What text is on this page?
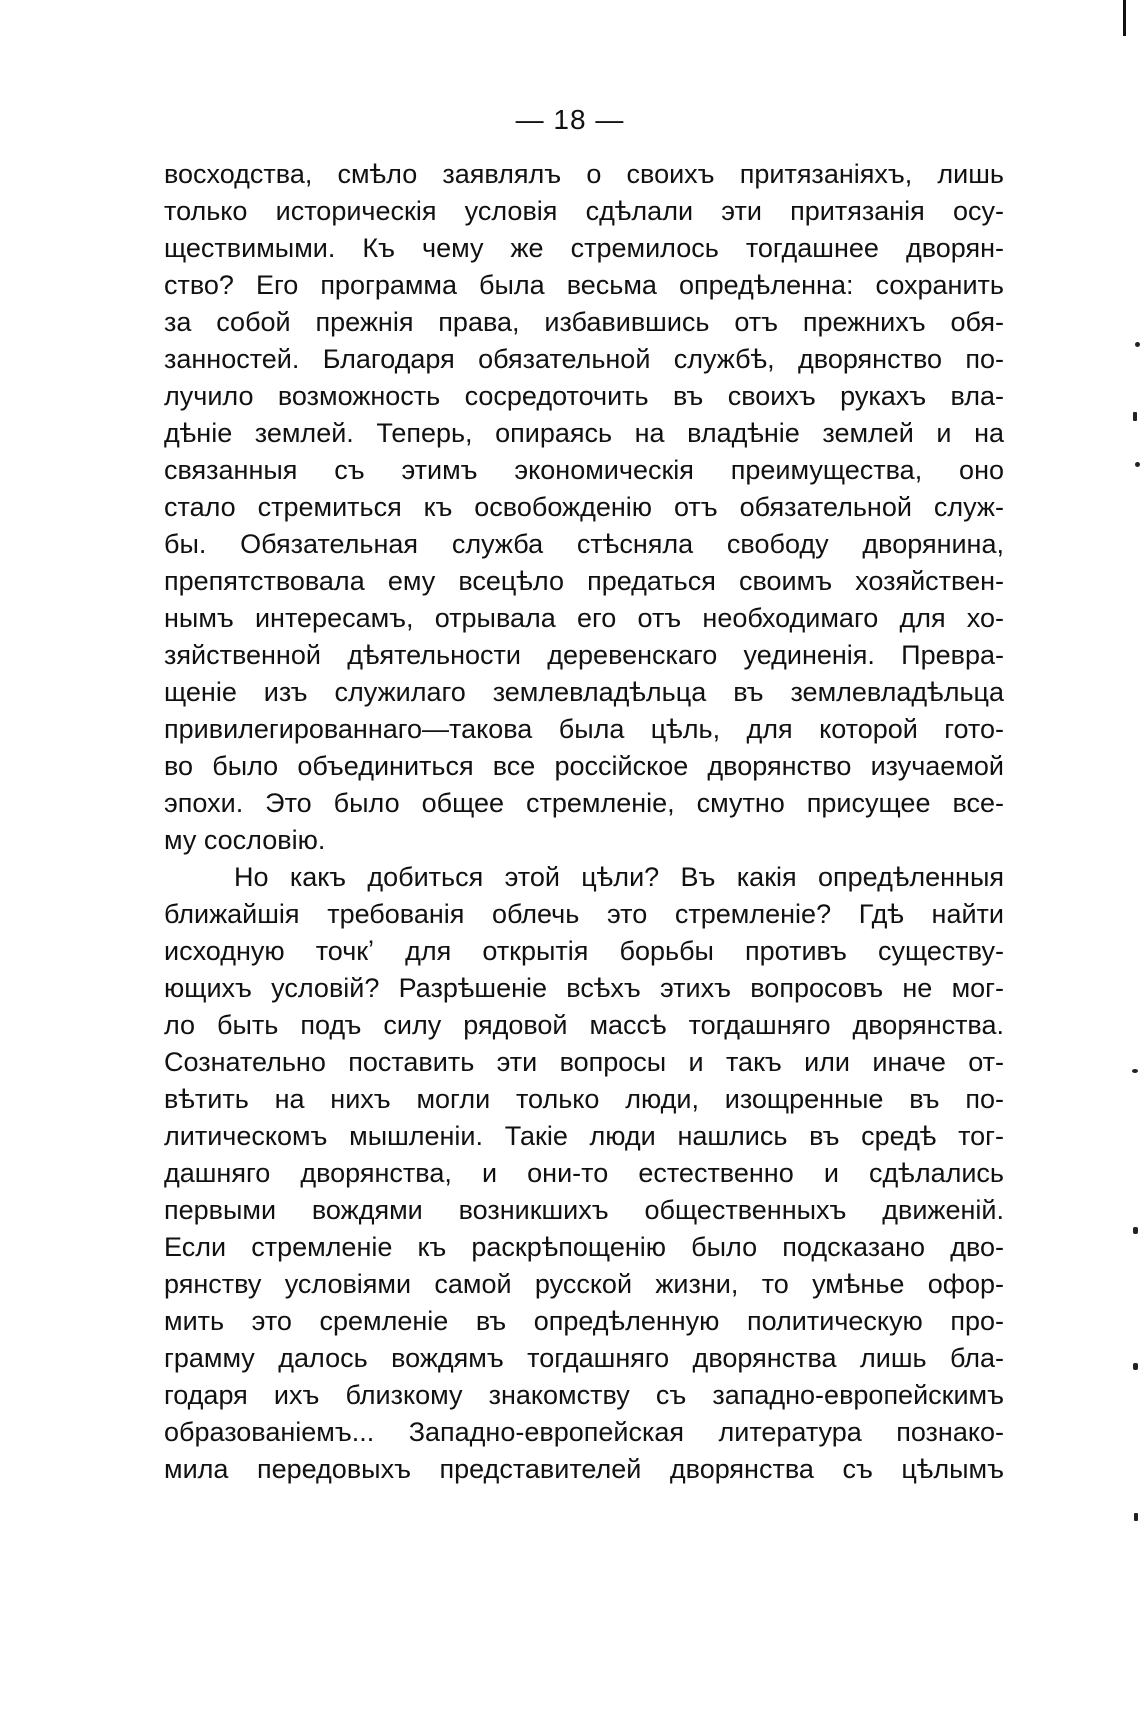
— 18 —
восходства, смѣло заявлялъ о своихъ притязаніяхъ, лишь
только историческія условія сдѣлали эти притязанія осу-
ществимыми. Къ чему же стремилось тогдашнее дворян-
ство? Его программа была весьма опредѣленна: сохранить
за собой прежнія права, избавившись отъ прежнихъ обя-
занностей. Благодаря обязательной службѣ, дворянство по-
лучило возможность сосредоточить въ своихъ рукахъ вла-
дѣніе землей. Теперь, опираясь на владѣніе землей и на
связанныя съ этимъ экономическія преимущества, оно
стало стремиться къ освобожденію отъ обязательной служ-
бы. Обязательная служба стѣсняла свободу дворянина,
препятствовала ему всецѣло предаться своимъ хозяйствен-
нымъ интересамъ, отрывала его отъ необходимаго для хо-
зяйственной дѣятельности деревенскаго уединенія. Превра-
щеніе изъ служилаго землевладѣльца въ землевладѣльца
привилегированнаго—такова была цѣль, для которой гото-
во было объединиться все россійское дворянство изучаемой
эпохи. Это было общее стремленіе, смутно присущее все-
му сословію.
Но какъ добиться этой цѣли? Въ какія опредѣленныя
ближайшія требованія облечь это стремленіе? Гдѣ найти
исходную точкʼ для открытія борьбы противъ существу-
ющихъ условій? Разрѣшеніе всѣхъ этихъ вопросовъ не мог-
ло быть подъ силу рядовой массѣ тогдашняго дворянства.
Сознательно поставить эти вопросы и такъ или иначе от-
вѣтить на нихъ могли только люди, изощренные въ по-
литическомъ мышленіи. Такіе люди нашлись въ средѣ тог-
дашняго дворянства, и они-то естественно и сдѣлались
первыми вождями возникшихъ общественныхъ движеній.
Если стремленіе къ раскрѣпощенію было подсказано дво-
рянству условіями самой русской жизни, то умѣнье офор-
мить это сремленіе въ опредѣленную политическую про-
грамму далось вождямъ тогдашняго дворянства лишь бла-
годаря ихъ близкому знакомству съ западно-европейскимъ
образованіемъ... Западно-европейская литература познако-
мила передовыхъ представителей дворянства съ цѣлымъ
